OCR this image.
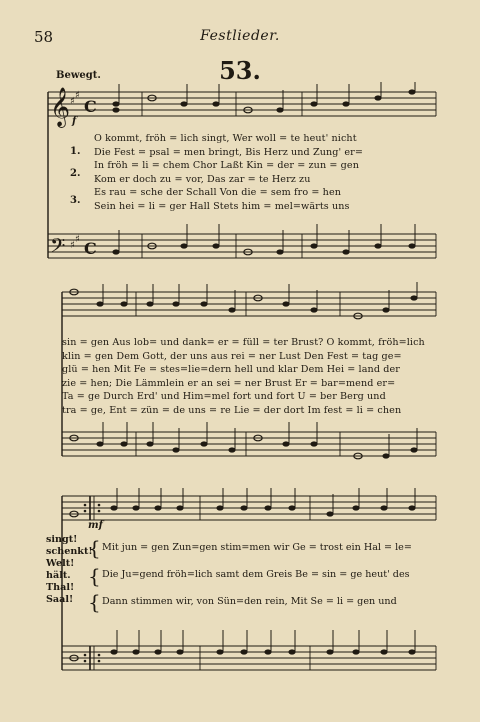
58	Festlieder.
53.
Bewegt.
f
mf
𝄞
𝄢
♯
♯
♯
♯
C
C
1.
2.
3.
O kommt, fröh = lich singt, Wer woll = te heut' nicht
Die Fest = psal = men bringt, Bis Herz und Zung' er=
In fröh = li = chem Chor Laßt Kin = der = zun = gen
Kom er doch zu = vor, Das zar = te Herz zu
Es rau = sche der Schall Von die = sem fro = hen
Sein hei = li = ger Hall Stets him = mel=wärts uns
sin = gen Aus lob= und dank= er = füll = ter Brust? O kommt, fröh=lich
klin = gen Dem Gott, der uns aus rei = ner Lust Den Fest = tag ge=
glü = hen Mit Fe = stes=lie=dern hell und klar Dem Hei = land der
zie = hen; Die Lämmlein er an sei = ner Brust Er = bar=mend er=
Ta = ge Durch Erd' und Him=mel fort und fort U = ber Berg und
tra = ge, Ent = zün = de uns = re Lie = der dort Im fest = li = chen
singt!
schenkt!
Welt!
hält.
Thal!
Saal!
{
{
{
Mit jun = gen Zun=gen stim=men wir Ge = trost ein Hal = le=
Die Ju=gend fröh=lich samt dem Greis Be = sin = ge heut' des
Dann stimmen wir, von Sün=den rein, Mit Se = li = gen und
